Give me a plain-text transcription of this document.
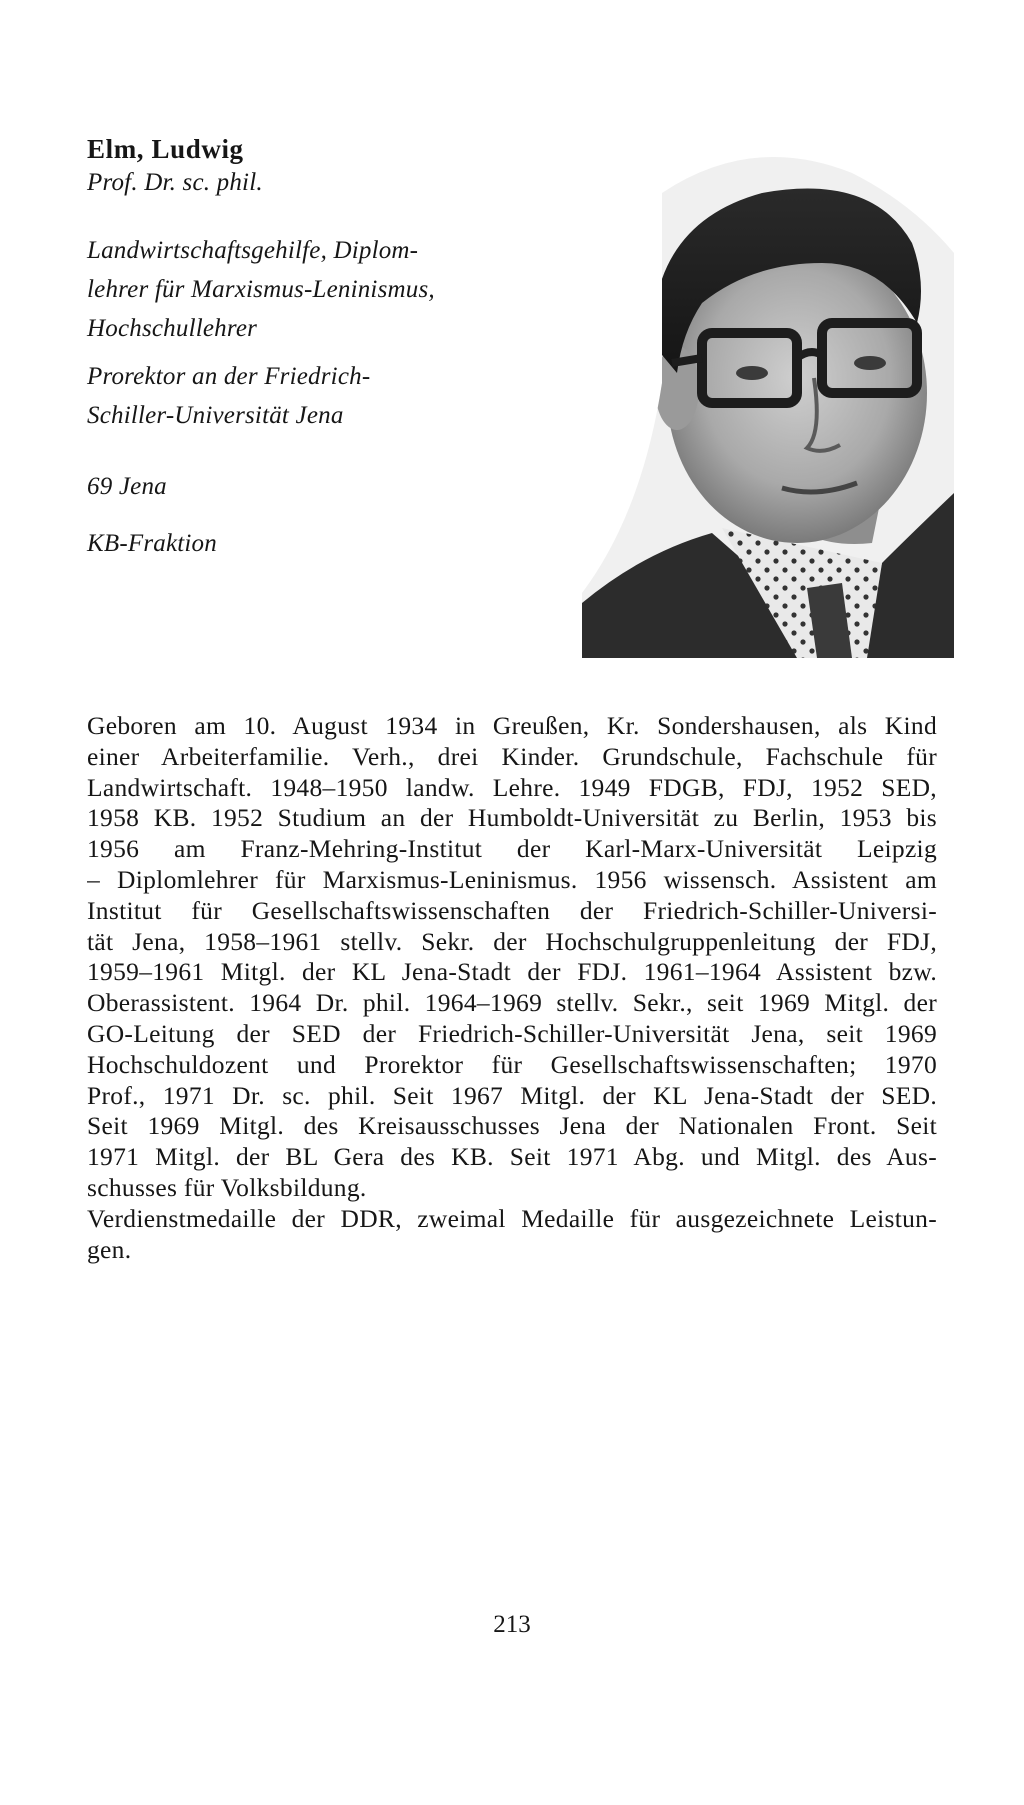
Elm, Ludwig
Prof. Dr. sc. phil.
Landwirtschaftsgehilfe, Diplom-
lehrer für Marxismus-Leninismus,
Hochschullehrer
Prorektor an der Friedrich-
Schiller-Universität Jena
69 Jena
KB-Fraktion
Geboren am 10. August 1934 in Greußen, Kr. Sondershausen, als Kind
einer Arbeiterfamilie. Verh., drei Kinder. Grundschule, Fachschule für
Landwirtschaft. 1948–1950 landw. Lehre. 1949 FDGB, FDJ, 1952 SED,
1958 KB. 1952 Studium an der Humboldt-Universität zu Berlin, 1953 bis
1956 am Franz-Mehring-Institut der Karl-Marx-Universität Leipzig
– Diplomlehrer für Marxismus-Leninismus. 1956 wissensch. Assistent am
Institut für Gesellschaftswissenschaften der Friedrich-Schiller-Universi-
tät Jena, 1958–1961 stellv. Sekr. der Hochschulgruppenleitung der FDJ,
1959–1961 Mitgl. der KL Jena-Stadt der FDJ. 1961–1964 Assistent bzw.
Oberassistent. 1964 Dr. phil. 1964–1969 stellv. Sekr., seit 1969 Mitgl. der
GO-Leitung der SED der Friedrich-Schiller-Universität Jena, seit 1969
Hochschuldozent und Prorektor für Gesellschaftswissenschaften; 1970
Prof., 1971 Dr. sc. phil. Seit 1967 Mitgl. der KL Jena-Stadt der SED.
Seit 1969 Mitgl. des Kreisausschusses Jena der Nationalen Front. Seit
1971 Mitgl. der BL Gera des KB. Seit 1971 Abg. und Mitgl. des Aus-
schusses für Volksbildung.
Verdienstmedaille der DDR, zweimal Medaille für ausgezeichnete Leistun-
gen.
213
